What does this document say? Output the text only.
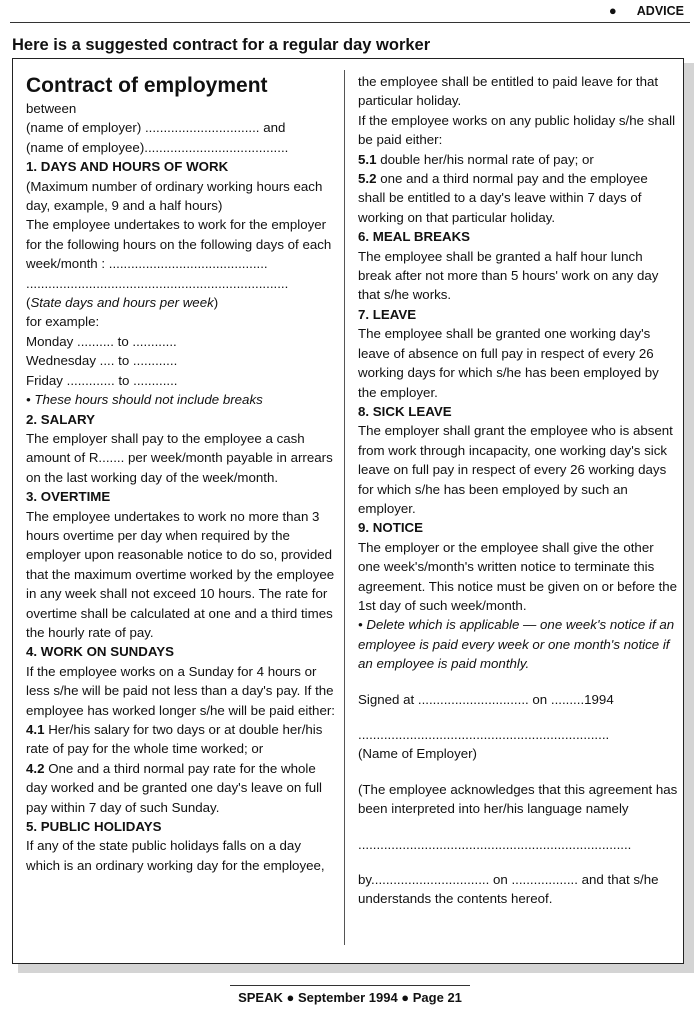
● ADVICE
Here is a suggested contract for a regular day worker

Contract of employment

between

(name of employer) ............................... and

(name of employee).......................................

1. DAYS AND HOURS OF WORK

(Maximum number of ordinary working hours each day, example, 9 and a half hours)

The employee undertakes to work for the employer for the following hours on the following days of each week/month : ...........................................

.......................................................................

(State days and hours per week)

for example:

Monday .......... to ............

Wednesday .... to ............

Friday ............. to ............

• These hours should not include breaks

2. SALARY

The employer shall pay to the employee a cash amount of R....... per week/month payable in arrears on the last working day of the week/month.

3. OVERTIME

The employee undertakes to work no more than 3 hours overtime per day when required by the employer upon reasonable notice to do so, provided that the maximum overtime worked by the employee in any week shall not exceed 10 hours. The rate for overtime shall be calculated at one and a third times the hourly rate of pay.

4. WORK ON SUNDAYS

If the employee works on a Sunday for 4 hours or less s/he will be paid not less than a day's pay. If the employee has worked longer s/he will be paid either:

4.1 Her/his salary for two days or at double her/his rate of pay for the whole time worked; or

4.2 One and a third normal pay rate for the whole day worked and be granted one day's leave on full pay within 7 day of such Sunday.

5. PUBLIC HOLIDAYS

If any of the state public holidays falls on a day which is an ordinary working day for the employee,

the employee shall be entitled to paid leave for that particular holiday.

If the employee works on any public holiday s/he shall be paid either:

5.1 double her/his normal rate of pay; or

5.2 one and a third normal pay and the employee shall be entitled to a day's leave within 7 days of working on that particular holiday.

6. MEAL BREAKS

The employee shall be granted a half hour lunch break after not more than 5 hours' work on any day that s/he works.

7. LEAVE

The employee shall be granted one working day's leave of absence on full pay in respect of every 26 working days for which s/he has been employed by the employer.

8. SICK LEAVE

The employer shall grant the employee who is absent from work through incapacity, one working day's sick leave on full pay in respect of every 26 working days for which s/he has been employed by such an employer.

9. NOTICE

The employer or the employee shall give the other one week's/month's written notice to terminate this agreement. This notice must be given on or before the 1st day of such week/month.

• Delete which is applicable — one week's notice if an employee is paid every week or one month's notice if an employee is paid monthly.

Signed at .............................. on .........1994

....................................................................

(Name of Employer)

(The employee acknowledges that this agreement has been interpreted into her/his language namely

..........................................................................

by................................ on .................. and that s/he understands the contents hereof.

SPEAK ● September 1994 ● Page 21
